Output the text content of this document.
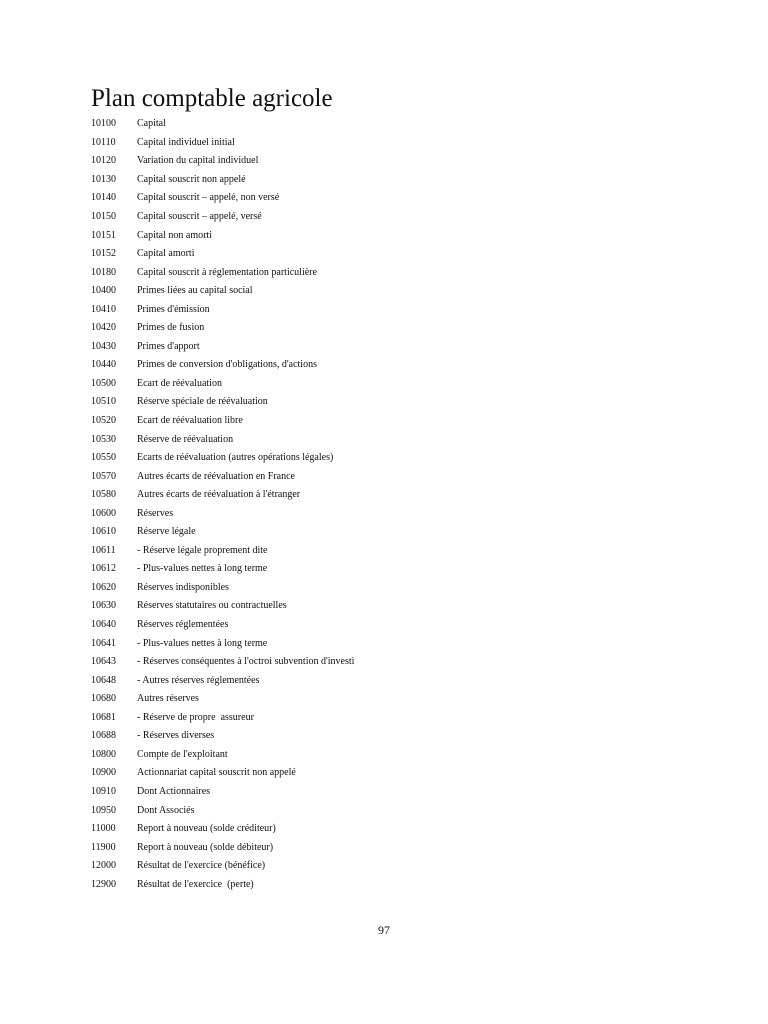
Plan comptable agricole
10100	Capital
10110	Capital individuel initial
10120	Variation du capital individuel
10130	Capital souscrit non appelé
10140	Capital souscrit – appelé, non versé
10150	Capital souscrit – appelé, versé
10151	Capital non amorti
10152	Capital amorti
10180	Capital souscrit à réglementation particulière
10400	Primes liées au capital social
10410	Primes d'émission
10420	Primes de fusion
10430	Primes d'apport
10440	Primes de conversion d'obligations, d'actions
10500	Ecart de réévaluation
10510	Réserve spéciale de réévaluation
10520	Ecart de réévaluation libre
10530	Réserve de réévaluation
10550	Ecarts de réévaluation (autres opérations légales)
10570	Autres écarts de réévaluation en France
10580	Autres écarts de réévaluation à l'étranger
10600	Réserves
10610	Réserve légale
10611	- Réserve légale proprement dite
10612	- Plus-values nettes à long terme
10620	Réserves indisponibles
10630	Réserves statutaires ou contractuelles
10640	Réserves réglementées
10641	- Plus-values nettes à long terme
10643	- Réserves conséquentes à l'octroi subvention d'investi
10648	- Autres réserves réglementées
10680	Autres réserves
10681	- Réserve de propre  assureur
10688	- Réserves diverses
10800	Compte de l'exploitant
10900	Actionnariat capital souscrit non appelé
10910	Dont Actionnaires
10950	Dont Associés
11000	Report à nouveau (solde créditeur)
11900	Report à nouveau (solde débiteur)
12000	Résultat de l'exercice (bénéfice)
12900	Résultat de l'exercice  (perte)
97
